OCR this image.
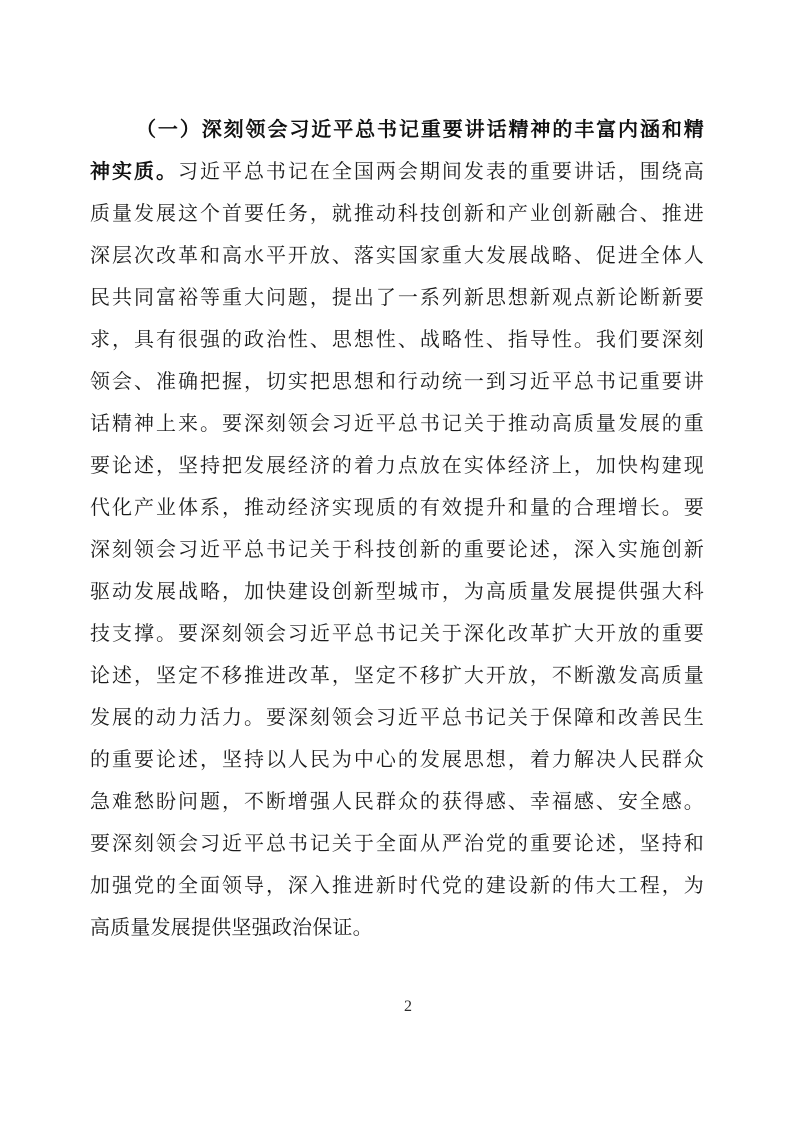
（一）深刻领会习近平总书记重要讲话精神的丰富内涵和精
神实质。习近平总书记在全国两会期间发表的重要讲话，围绕高
质量发展这个首要任务，就推动科技创新和产业创新融合、推进
深层次改革和高水平开放、落实国家重大发展战略、促进全体人
民共同富裕等重大问题，提出了一系列新思想新观点新论断新要
求，具有很强的政治性、思想性、战略性、指导性。我们要深刻
领会、准确把握，切实把思想和行动统一到习近平总书记重要讲
话精神上来。要深刻领会习近平总书记关于推动高质量发展的重
要论述，坚持把发展经济的着力点放在实体经济上，加快构建现
代化产业体系，推动经济实现质的有效提升和量的合理增长。要
深刻领会习近平总书记关于科技创新的重要论述，深入实施创新
驱动发展战略，加快建设创新型城市，为高质量发展提供强大科
技支撑。要深刻领会习近平总书记关于深化改革扩大开放的重要
论述，坚定不移推进改革，坚定不移扩大开放，不断激发高质量
发展的动力活力。要深刻领会习近平总书记关于保障和改善民生
的重要论述，坚持以人民为中心的发展思想，着力解决人民群众
急难愁盼问题，不断增强人民群众的获得感、幸福感、安全感。
要深刻领会习近平总书记关于全面从严治党的重要论述，坚持和
加强党的全面领导，深入推进新时代党的建设新的伟大工程，为
高质量发展提供坚强政治保证。
2
